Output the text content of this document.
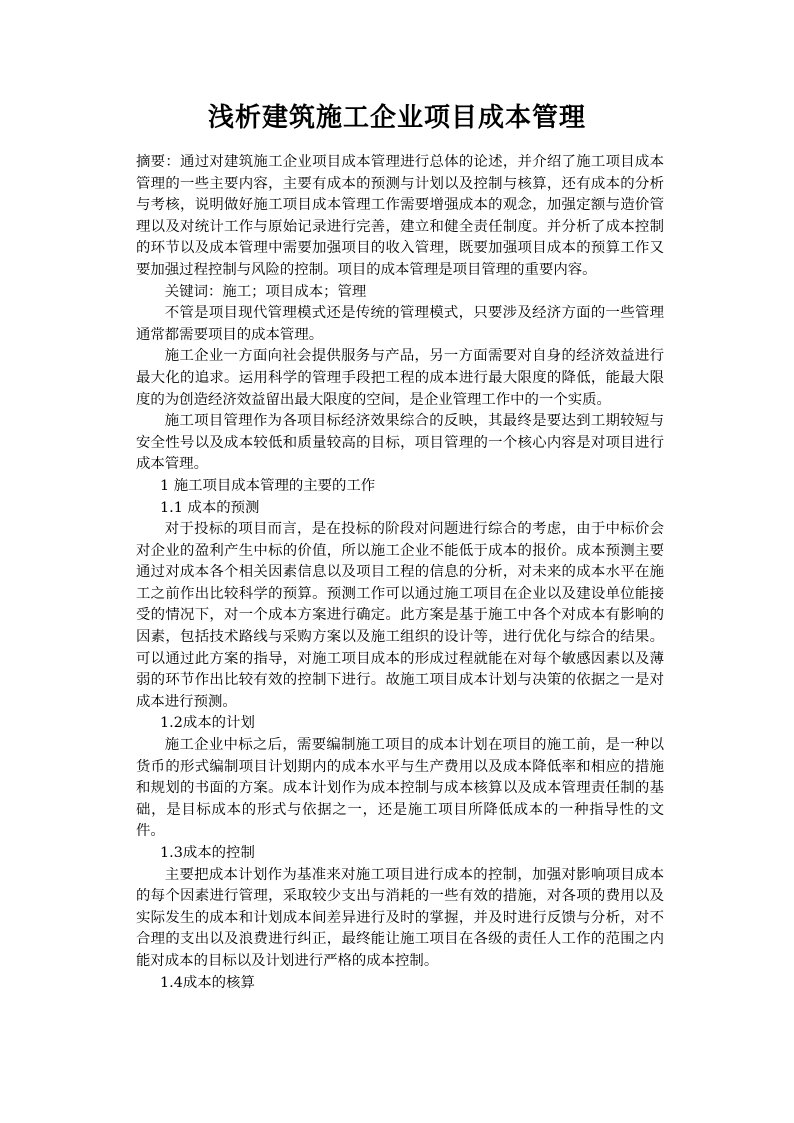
浅析建筑施工企业项目成本管理

摘要：通过对建筑施工企业项目成本管理进行总体的论述，并介绍了施工项目成本管理的一些主要内容，主要有成本的预测与计划以及控制与核算，还有成本的分析与考核，说明做好施工项目成本管理工作需要增强成本的观念，加强定额与造价管理以及对统计工作与原始记录进行完善，建立和健全责任制度。并分析了成本控制的环节以及成本管理中需要加强项目的收入管理，既要加强项目成本的预算工作又要加强过程控制与风险的控制。项目的成本管理是项目管理的重要内容。

关键词：施工；项目成本；管理

不管是项目现代管理模式还是传统的管理模式，只要涉及经济方面的一些管理通常都需要项目的成本管理。

施工企业一方面向社会提供服务与产品，另一方面需要对自身的经济效益进行最大化的追求。运用科学的管理手段把工程的成本进行最大限度的降低，能最大限度的为创造经济效益留出最大限度的空间，是企业管理工作中的一个实质。

施工项目管理作为各项目标经济效果综合的反映，其最终是要达到工期较短与安全性号以及成本较低和质量较高的目标，项目管理的一个核心内容是对项目进行成本管理。

1 施工项目成本管理的主要的工作

1.1 成本的预测

对于投标的项目而言，是在投标的阶段对问题进行综合的考虑，由于中标价会对企业的盈利产生中标的价值，所以施工企业不能低于成本的报价。成本预测主要通过对成本各个相关因素信息以及项目工程的信息的分析，对未来的成本水平在施工之前作出比较科学的预算。预测工作可以通过施工项目在企业以及建设单位能接受的情况下，对一个成本方案进行确定。此方案是基于施工中各个对成本有影响的因素，包括技术路线与采购方案以及施工组织的设计等，进行优化与综合的结果。可以通过此方案的指导，对施工项目成本的形成过程就能在对每个敏感因素以及薄弱的环节作出比较有效的控制下进行。故施工项目成本计划与决策的依据之一是对成本进行预测。

1.2成本的计划

施工企业中标之后，需要编制施工项目的成本计划在项目的施工前，是一种以货币的形式编制项目计划期内的成本水平与生产费用以及成本降低率和相应的措施和规划的书面的方案。成本计划作为成本控制与成本核算以及成本管理责任制的基础，是目标成本的形式与依据之一，还是施工项目所降低成本的一种指导性的文件。

1.3成本的控制

主要把成本计划作为基准来对施工项目进行成本的控制，加强对影响项目成本的每个因素进行管理，采取较少支出与消耗的一些有效的措施，对各项的费用以及实际发生的成本和计划成本间差异进行及时的掌握，并及时进行反馈与分析，对不合理的支出以及浪费进行纠正，最终能让施工项目在各级的责任人工作的范围之内能对成本的目标以及计划进行严格的成本控制。

1.4成本的核算
